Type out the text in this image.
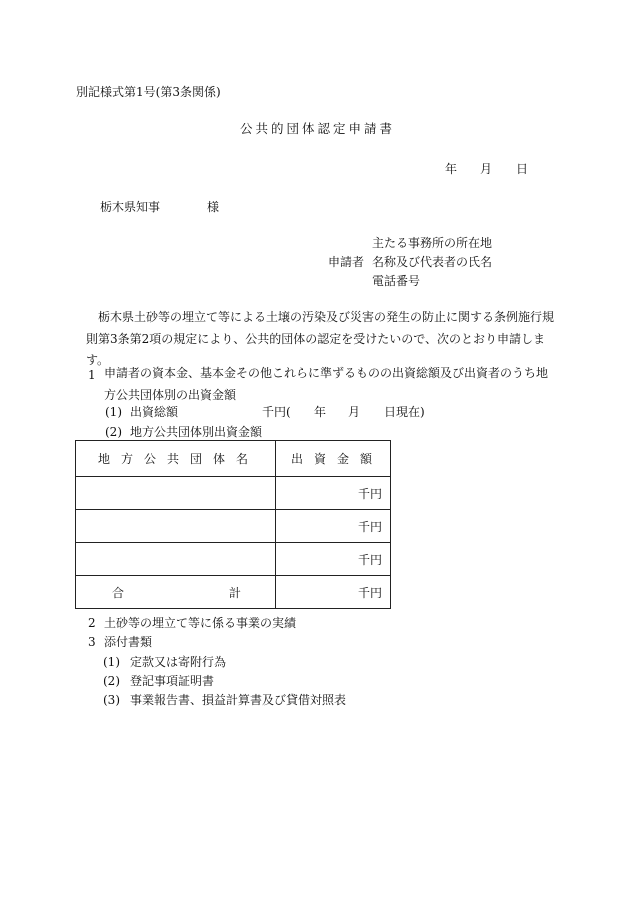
別記様式第1号(第3条関係)
公共的団体認定申請書
年 月 日
栃木県知事	様
主たる事務所の所在地
申請者 名称及び代表者の氏名
電話番号
栃木県土砂等の埋立て等による土壌の汚染及び災害の発生の防止に関する条例施行規則第3条第2項の規定により、公共的団体の認定を受けたいので、次のとおり申請します。
1 申請者の資本金、基本金その他これらに準ずるものの出資総額及び出資者のうち地方公共団体別の出資金額
(1) 出資総額	千円( 年 月 日現在)
(2) 地方公共団体別出資金額
地方公共団体名	出資金額
	千円
	千円
	千円

合 計	千円
2 土砂等の埋立て等に係る事業の実績
3 添付書類
(1) 定款又は寄附行為
(2) 登記事項証明書
(3) 事業報告書、損益計算書及び貸借対照表
